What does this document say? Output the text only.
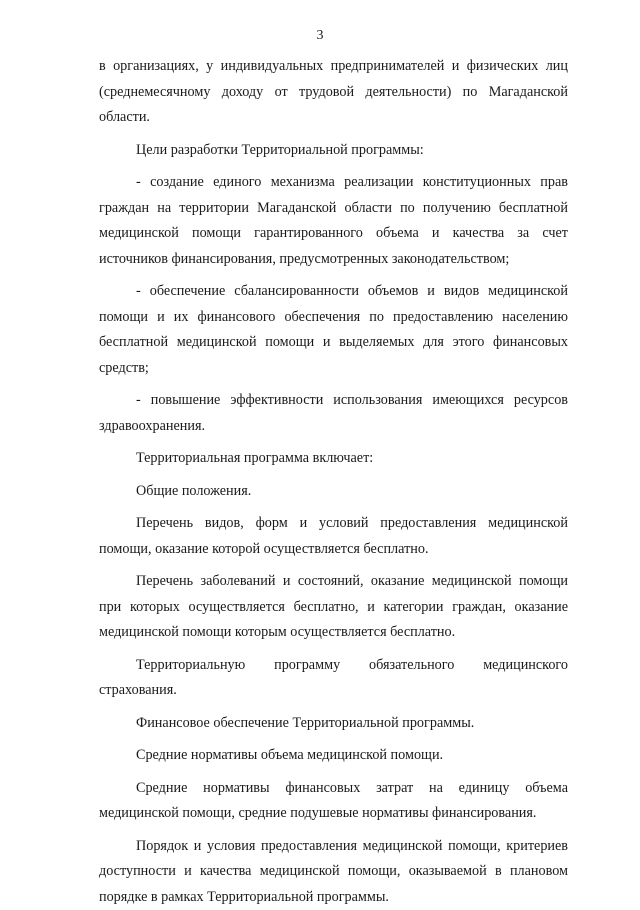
3

в организациях, у индивидуальных предпринимателей и физических лиц (среднемесячному доходу от трудовой деятельности) по Магаданской области.

Цели разработки Территориальной программы:

- создание единого механизма реализации конституционных прав граждан на территории Магаданской области по получению бесплатной медицинской помощи гарантированного объема и качества за счет источников финансирования, предусмотренных законодательством;

- обеспечение сбалансированности объемов и видов медицинской помощи и их финансового обеспечения по предоставлению населению бесплатной медицинской помощи и выделяемых для этого финансовых средств;

- повышение эффективности использования имеющихся ресурсов здравоохранения.

Территориальная программа включает:

Общие положения.

Перечень видов, форм и условий предоставления медицинской помощи, оказание которой осуществляется бесплатно.

Перечень заболеваний и состояний, оказание медицинской помощи при которых осуществляется бесплатно, и категории граждан, оказание медицинской помощи которым осуществляется бесплатно.

Территориальную программу обязательного медицинского страхования.

Финансовое обеспечение Территориальной программы.

Средние нормативы объема медицинской помощи.

Средние нормативы финансовых затрат на единицу объема медицинской помощи, средние подушевые нормативы финансирования.

Порядок и условия предоставления медицинской помощи, критериев доступности и качества медицинской помощи, оказываемой в плановом порядке в рамках Территориальной программы.
